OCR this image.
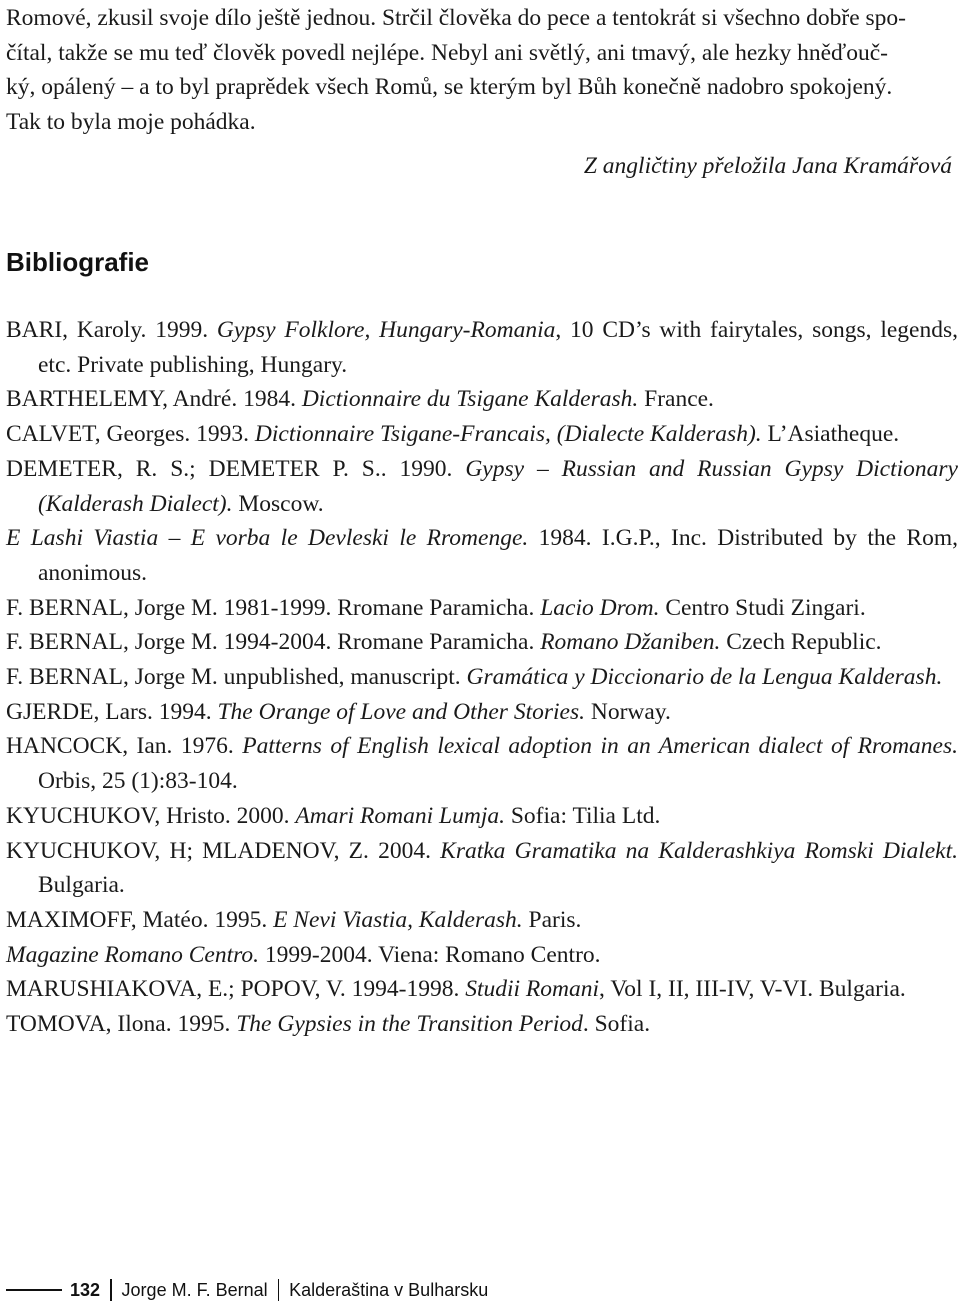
Romové, zkusil svoje dílo ještě jednou. Strčil člověka do pece a tentokrát si všechno dobře spo-
čítal, takže se mu teď člověk povedl nejlépe. Nebyl ani světlý, ani tmavý, ale hezky hněďouč-
ký, opálený – a to byl praprědek všech Romů, se kterým byl Bůh konečně nadobro spokojený.
Tak to byla moje pohádka.
Z angličtiny přeložila Jana Kramářová
Bibliografie

BARI, Karoly. 1999. Gypsy Folklore, Hungary-Romania, 10 CD’s with fairytales, songs, legends, etc. Private publishing, Hungary.

BARTHELEMY, André. 1984. Dictionnaire du Tsigane Kalderash. France.

CALVET, Georges. 1993. Dictionnaire Tsigane-Francais, (Dialecte Kalderash). L’Asiatheque.

DEMETER, R. S.; DEMETER P. S.. 1990. Gypsy – Russian and Russian Gypsy Dictionary (Kalderash Dialect). Moscow.

E Lashi Viastia – E vorba le Devleski le Rromenge. 1984. I.G.P., Inc. Distributed by the Rom, anonimous.

F. BERNAL, Jorge M. 1981-1999. Rromane Paramicha. Lacio Drom. Centro Studi Zingari.

F. BERNAL, Jorge M. 1994-2004. Rromane Paramicha. Romano Džaniben. Czech Republic.

F. BERNAL, Jorge M. unpublished, manuscript. Gramática y Diccionario de la Lengua Kalderash.

GJERDE, Lars. 1994. The Orange of Love and Other Stories. Norway.

HANCOCK, Ian. 1976. Patterns of English lexical adoption in an American dialect of Rromanes. Orbis, 25 (1):83-104.

KYUCHUKOV, Hristo. 2000. Amari Romani Lumja. Sofia: Tilia Ltd.

KYUCHUKOV, H; MLADENOV, Z. 2004. Kratka Gramatika na Kalderashkiya Romski Dialekt. Bulgaria.

MAXIMOFF, Matéo. 1995. E Nevi Viastia, Kalderash. Paris.

Magazine Romano Centro. 1999-2004. Viena: Romano Centro.

MARUSHIAKOVA, E.; POPOV, V. 1994-1998. Studii Romani, Vol I, II, III-IV, V-VI. Bulgaria.

TOMOVA, Ilona. 1995. The Gypsies in the Transition Period. Sofia.

132 Jorge M. F. Bernal Kalderaština v Bulharsku
